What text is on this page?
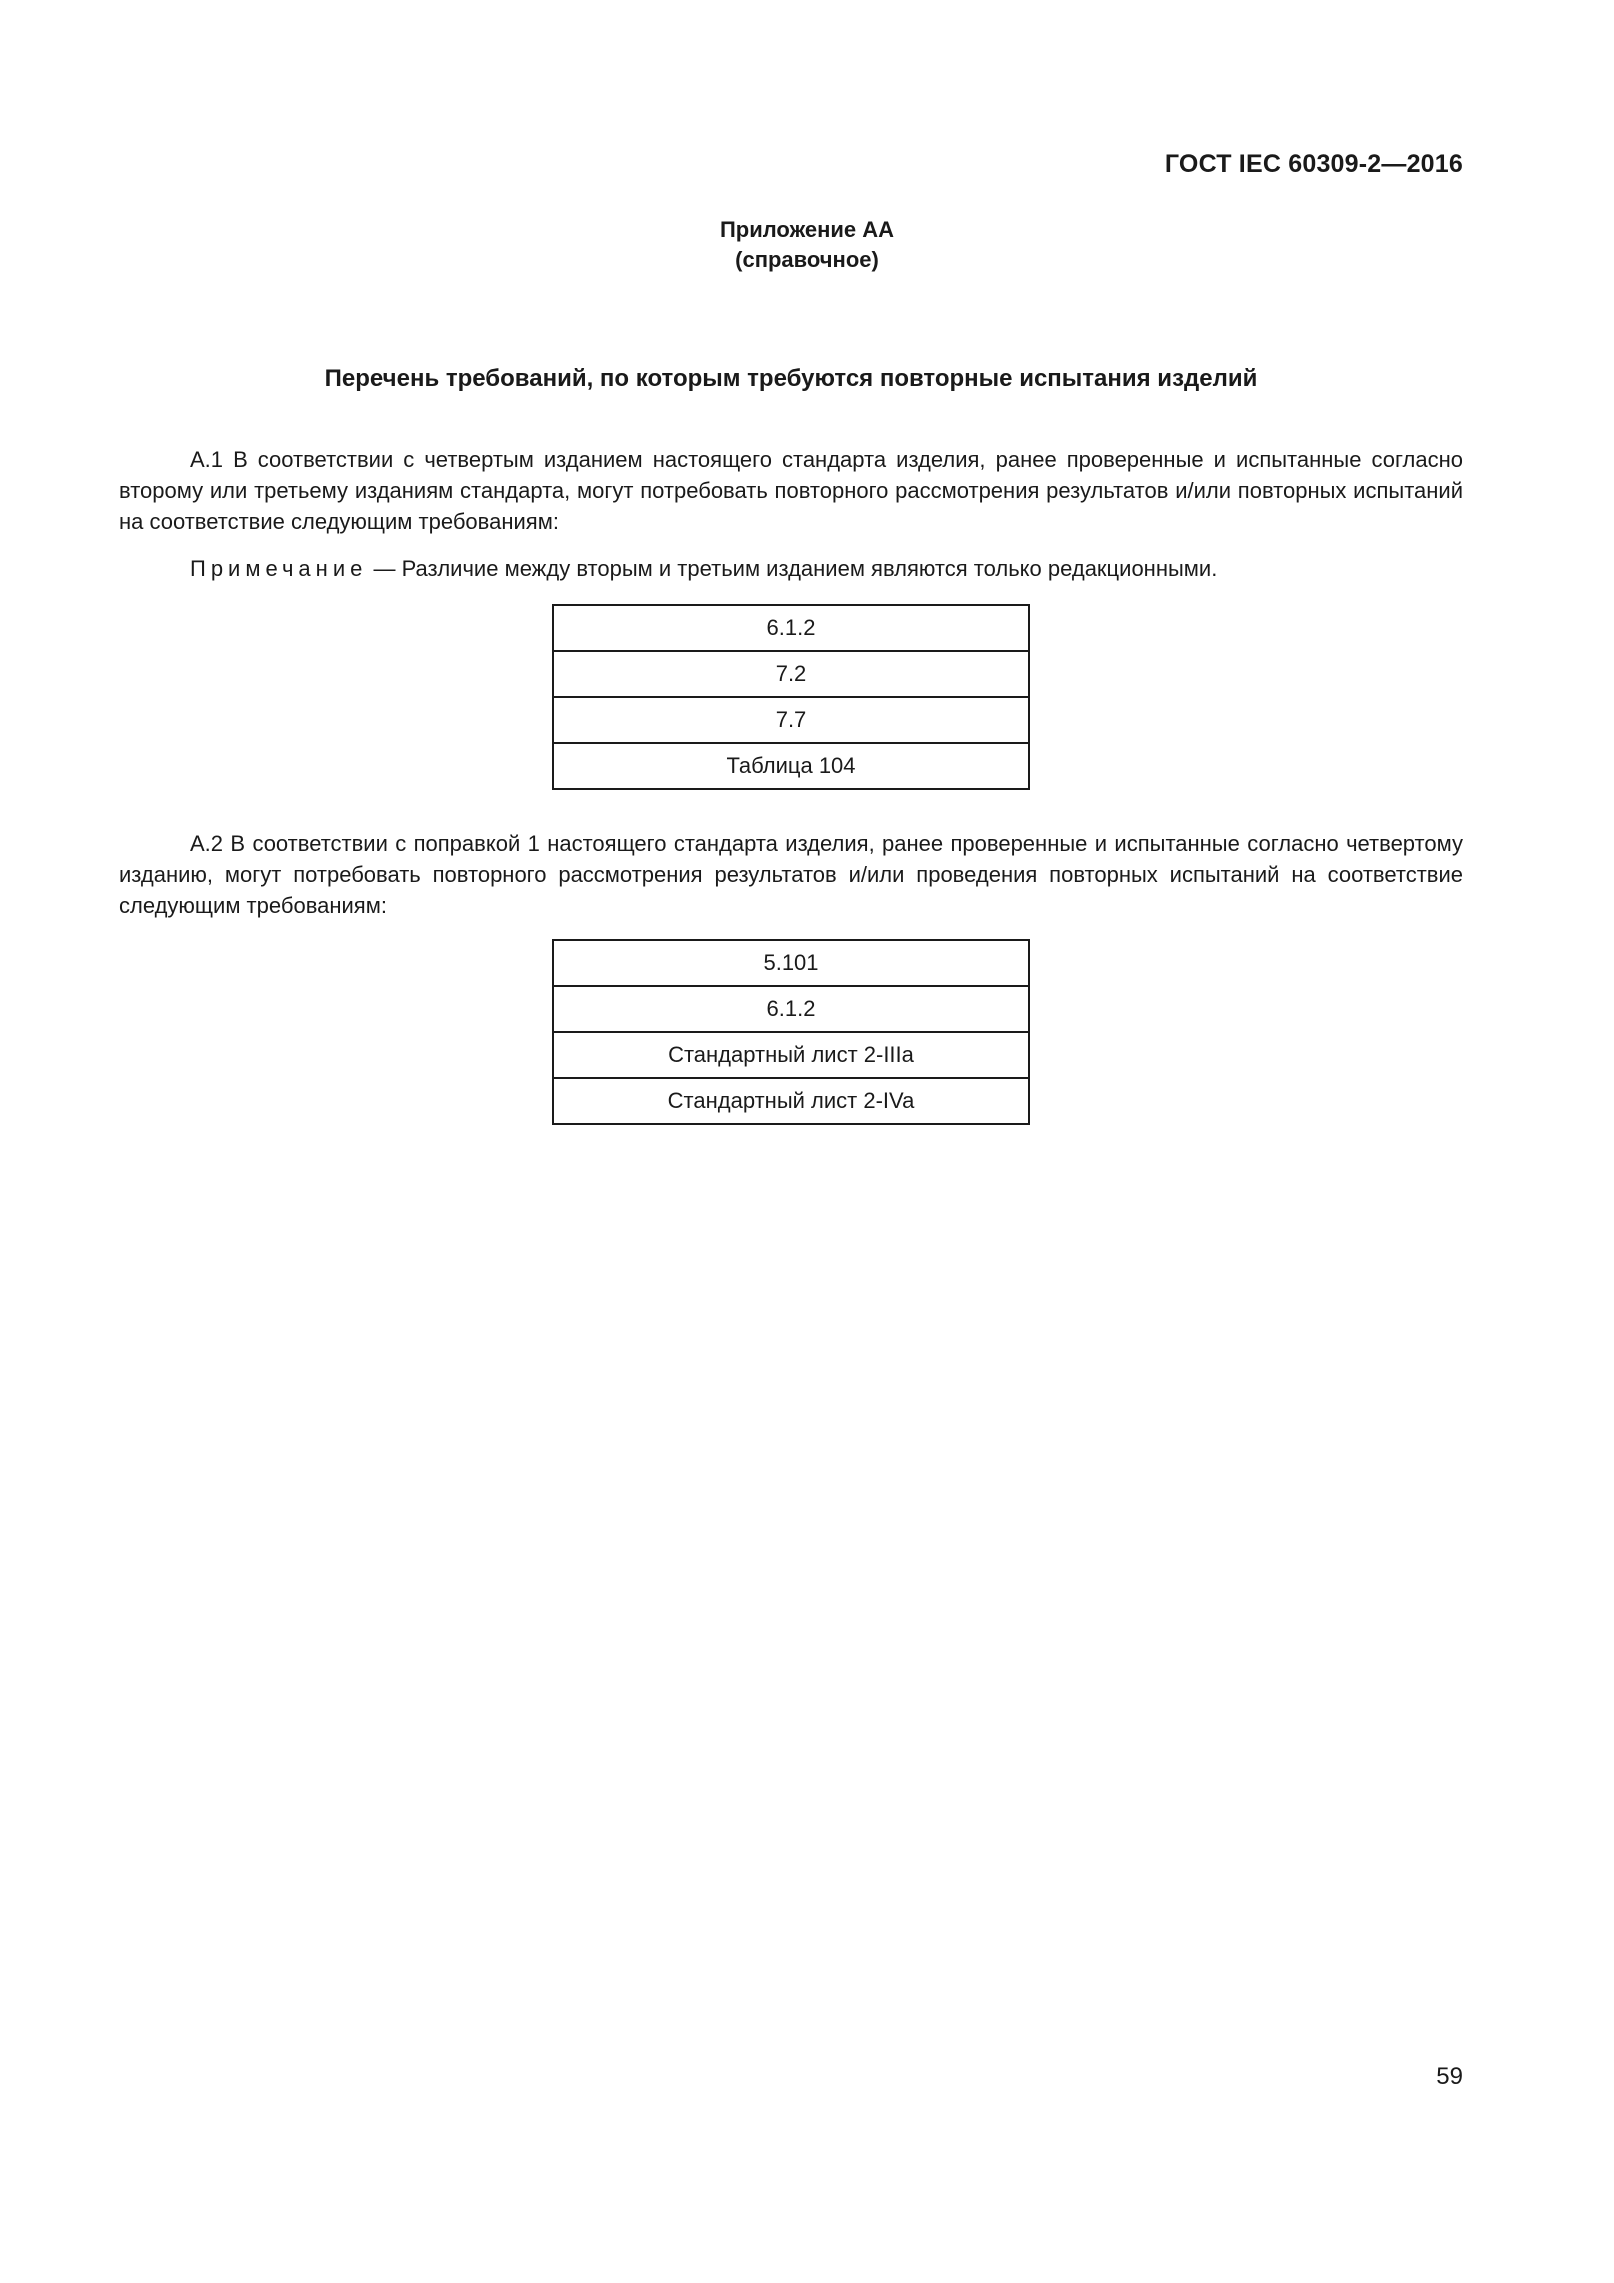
ГОСТ IEC 60309-2—2016
Приложение АА
(справочное)
Перечень требований, по которым требуются повторные испытания изделий

А.1 В соответствии с четвертым изданием настоящего стандарта изделия, ранее проверенные и испытанные согласно второму или третьему изданиям стандарта, могут потребовать повторного рассмотрения результатов и/или повторных испытаний на соответствие следующим требованиям:

Примечание — Различие между вторым и третьим изданием являются только редакционными.
6.1.2
7.2
7.7
Таблица 104

А.2 В соответствии с поправкой 1 настоящего стандарта изделия, ранее проверенные и испытанные согласно четвертому изданию, могут потребовать повторного рассмотрения результатов и/или проведения повторных испытаний на соответствие следующим требованиям:

5.101
6.1.2
Стандартный лист 2-IIIa
Стандартный лист 2-IVa
59
